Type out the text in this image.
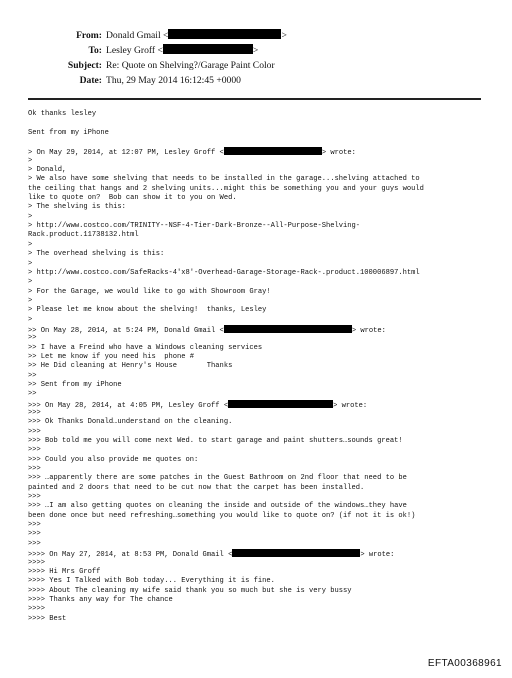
From: Donald Gmail <	>
To: Lesley Groff <	>
Subject: Re: Quote on Shelving?/Garage Paint Color
Date: Thu, 29 May 2014 16:12:45 +0000
Ok thanks lesley
Sent from my iPhone
> On May 29, 2014, at 12:07 PM, Lesley Groff <	> wrote:
>
> Donald,
> We also have some shelving that needs to be installed in the garage...shelving attached to
the ceiling that hangs and 2 shelving units...might this be something you and your guys would
like to quote on?  Bob can show it to you on Wed.
> The shelving is this:
>
> http://www.costco.com/TRINITY--NSF-4-Tier-Dark-Bronze--All-Purpose-Shelving-
Rack.product.11738132.html
>
> The overhead shelving is this:
>
> http://www.costco.com/SafeRacks-4'x8'-Overhead-Garage-Storage-Rack-.product.100006897.html
>
> For the Garage, we would like to go with Showroom Gray!
>
> Please let me know about the shelving!  thanks, Lesley
>
>> On May 28, 2014, at 5:24 PM, Donald Gmail <	> wrote:
>>
>> I have a Freind who have a Windows cleaning services
>> Let me know if you need his  phone #
>> He Did cleaning at Henry's House       Thanks
>>
>> Sent from my iPhone
>>
>>> On May 28, 2014, at 4:05 PM, Lesley Groff <	> wrote:
>>>
>>> Ok Thanks Donald…understand on the cleaning.
>>>
>>> Bob told me you will come next Wed. to start garage and paint shutters…sounds great!
>>>
>>> Could you also provide me quotes on:
>>>
>>> …apparently there are some patches in the Guest Bathroom on 2nd floor that need to be
painted and 2 doors that need to be cut now that the carpet has been installed.
>>>
>>> …I am also getting quotes on cleaning the inside and outside of the windows…they have
been done once but need refreshing…something you would like to quote on? (if not it is ok!)
>>>
>>>
>>>
>>>> On May 27, 2014, at 8:53 PM, Donald Gmail <	> wrote:
>>>>
>>>> Hi Mrs Groff
>>>> Yes I Talked with Bob today... Everything it is fine.
>>>> About The cleaning my wife said thank you so much but she is very bussy
>>>> Thanks any way for The chance
>>>>
>>>> Best
EFTA00368961
